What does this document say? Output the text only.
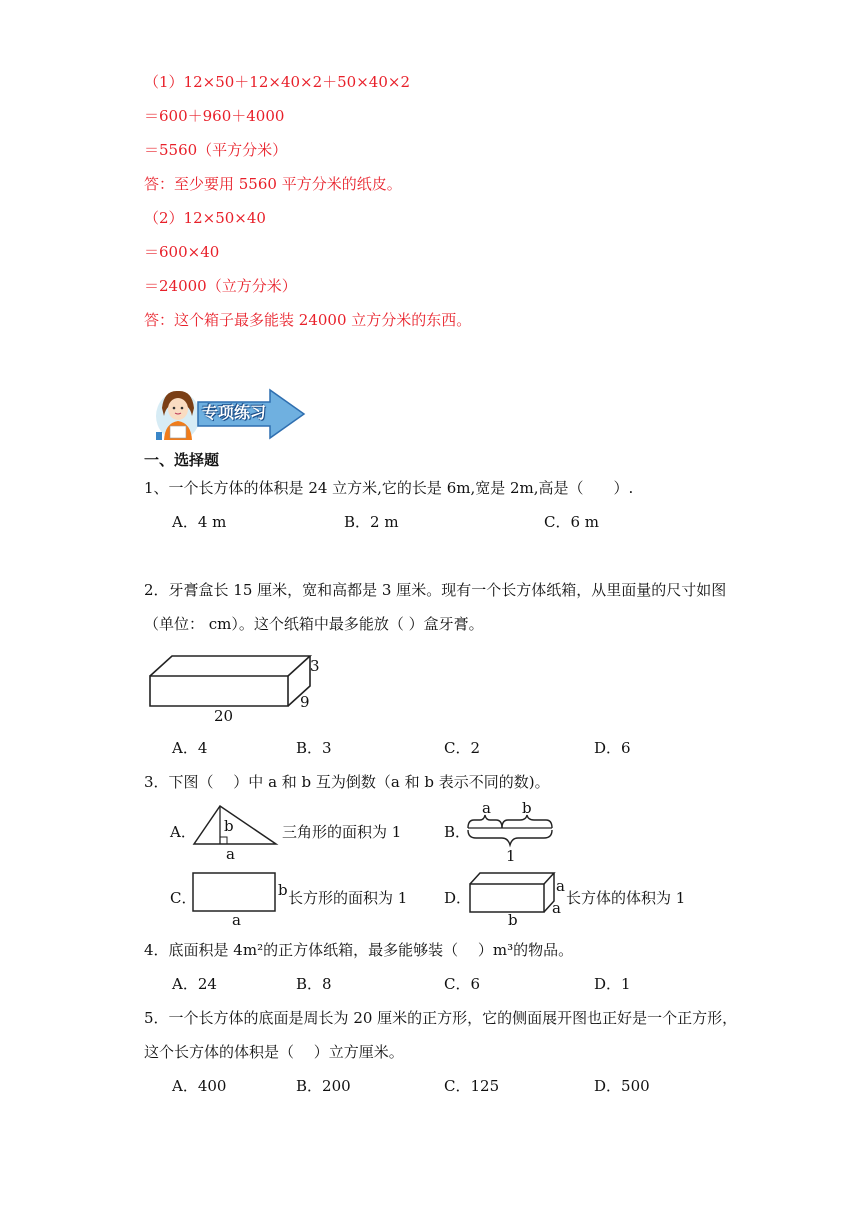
（1）12×50＋12×40×2＋50×40×2
＝600＋960＋4000
＝5560（平方分米）
答：至少要用 5560 平方分米的纸皮。
（2）12×50×40
＝600×40
＝24000（立方分米）
答：这个箱子最多能装 24000 立方分米的东西。
专项练习
一、选择题
1、一个长方体的体积是 24 立方米,它的长是 6m,宽是 2m,高是（　　）.
A．4 m	B．2 m	C．6 m
2．牙膏盒长 15 厘米，宽和高都是 3 厘米。现有一个长方体纸箱，从里面量的尺寸如图
（单位： cm）。这个纸箱中最多能放（ ）盒牙膏。
20
3
9
A．4	B．3	C．2	D．6
3．下图（　 ）中 a 和 b 互为倒数（a 和 b 表示不同的数)。
A． b
a
三角形的面积为 1	B．
a b
1
C．	b
a
长方形的面积为 1 D．
a
a
b
长方体的体积为 1
4．底面积是 4m²的正方体纸箱，最多能够装（　 ）m³的物品。
A．24	B．8	C．6	D．1
5．一个长方体的底面是周长为 20 厘米的正方形，它的侧面展开图也正好是一个正方形，
这个长方体的体积是（　 ）立方厘米。
A．400	B．200	C．125	D．500
